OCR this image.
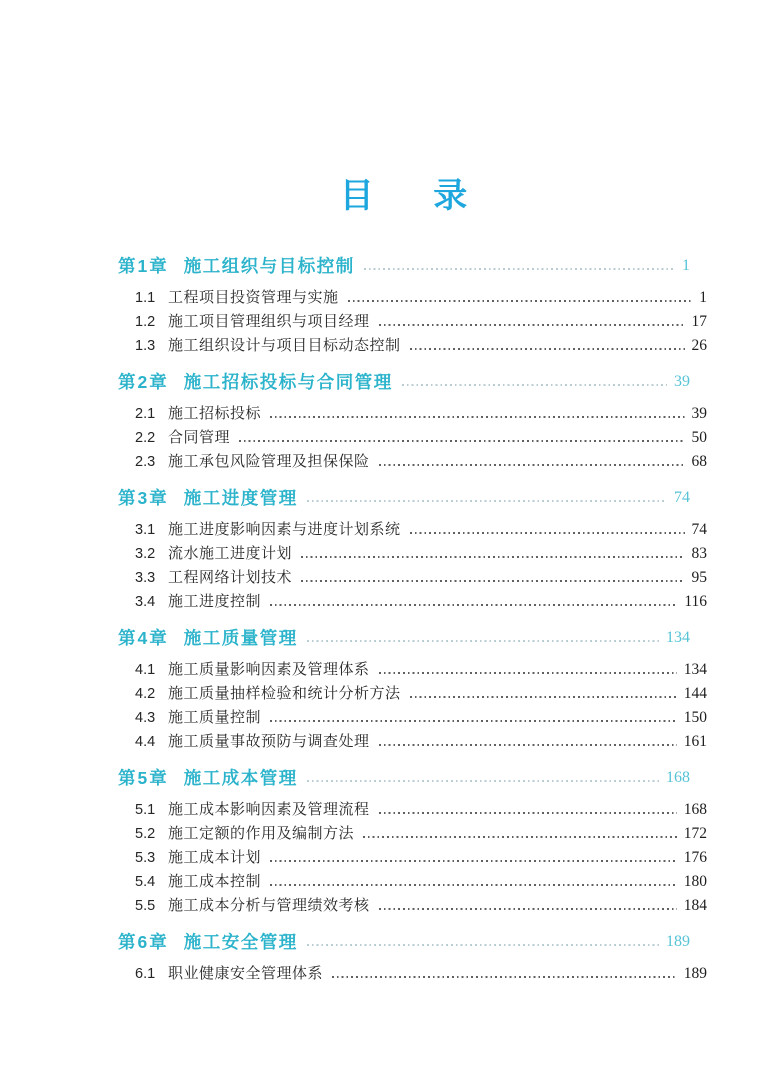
目 录
第1章 施工组织与目标控制	1
1.1 工程项目投资管理与实施	1
1.2 施工项目管理组织与项目经理	17
1.3 施工组织设计与项目目标动态控制	26
第2章 施工招标投标与合同管理	39
2.1 施工招标投标	39
2.2 合同管理	50
2.3 施工承包风险管理及担保保险	68
第3章 施工进度管理	74
3.1 施工进度影响因素与进度计划系统	74
3.2 流水施工进度计划	83
3.3 工程网络计划技术	95
3.4 施工进度控制	116
第4章 施工质量管理	134
4.1 施工质量影响因素及管理体系	134
4.2 施工质量抽样检验和统计分析方法	144
4.3 施工质量控制	150
4.4 施工质量事故预防与调查处理	161
第5章 施工成本管理	168
5.1 施工成本影响因素及管理流程	168
5.2 施工定额的作用及编制方法	172
5.3 施工成本计划	176
5.4 施工成本控制	180
5.5 施工成本分析与管理绩效考核	184
第6章 施工安全管理	189
6.1 职业健康安全管理体系	189
